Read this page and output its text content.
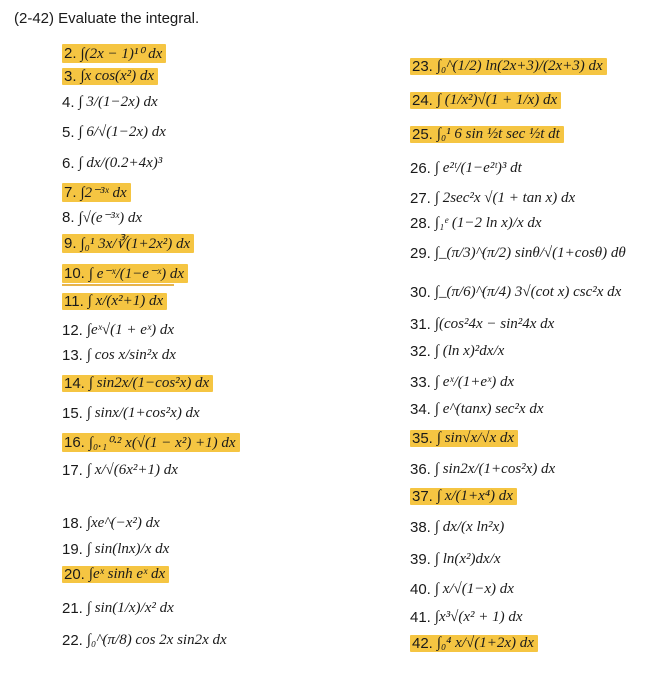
(2-42) Evaluate the integral.
2. ∫(2x − 1)¹⁰ dx
3. ∫x cos(x²) dx
4. ∫ 3/(1−2x) dx
5. ∫ 6/√(1−2x) dx
6. ∫ dx/(0.2+4x)³
7. ∫2⁻³ˣ dx
8. ∫√(e⁻³ˣ) dx
9. ∫₀¹ 3x/∛(1+2x²) dx
10. ∫ e⁻ˣ/(1−e⁻ˣ) dx
11. ∫ x/(x²+1) dx
12. ∫eˣ√(1 + eˣ) dx
13. ∫ cos x/sin²x dx
14. ∫ sin2x/(1−cos²x) dx
15. ∫ sinx/(1+cos²x) dx
16. ∫₀.₁⁰·² x(√(1 − x²) +1) dx
17. ∫ x/√(6x²+1) dx
18. ∫xe^(−x²) dx
19. ∫ sin(lnx)/x dx
20. ∫eˣ sinh eˣ dx
21. ∫ sin(1/x)/x² dx
22. ∫₀^(π/8) cos 2x sin2x dx
23. ∫₀^(1/2) ln(2x+3)/(2x+3) dx
24. ∫ (1/x²)√(1 + 1/x) dx
25. ∫₀¹ 6 sin ½t sec ½t dt
26. ∫ e²ᵗ/(1−e²ᵗ)³ dt
27. ∫ 2sec²x √(1 + tan x) dx
28. ∫₁ᵉ (1−2 ln x)/x dx
29. ∫_(π/3)^(π/2) sinθ/√(1+cosθ) dθ
30. ∫_(π/6)^(π/4) 3√(cot x) csc²x dx
31. ∫(cos²4x − sin²4x dx
32. ∫ (ln x)²dx/x
33. ∫ eˣ/(1+eˣ) dx
34. ∫ e^(tanx) sec²x dx
35. ∫ sin√x/√x dx
36. ∫ sin2x/(1+cos²x) dx
37. ∫ x/(1+x⁴) dx
38. ∫ dx/(x ln²x)
39. ∫ ln(x²)dx/x
40. ∫ x/√(1−x) dx
41. ∫x³√(x² + 1) dx
42. ∫₀⁴ x/√(1+2x) dx
